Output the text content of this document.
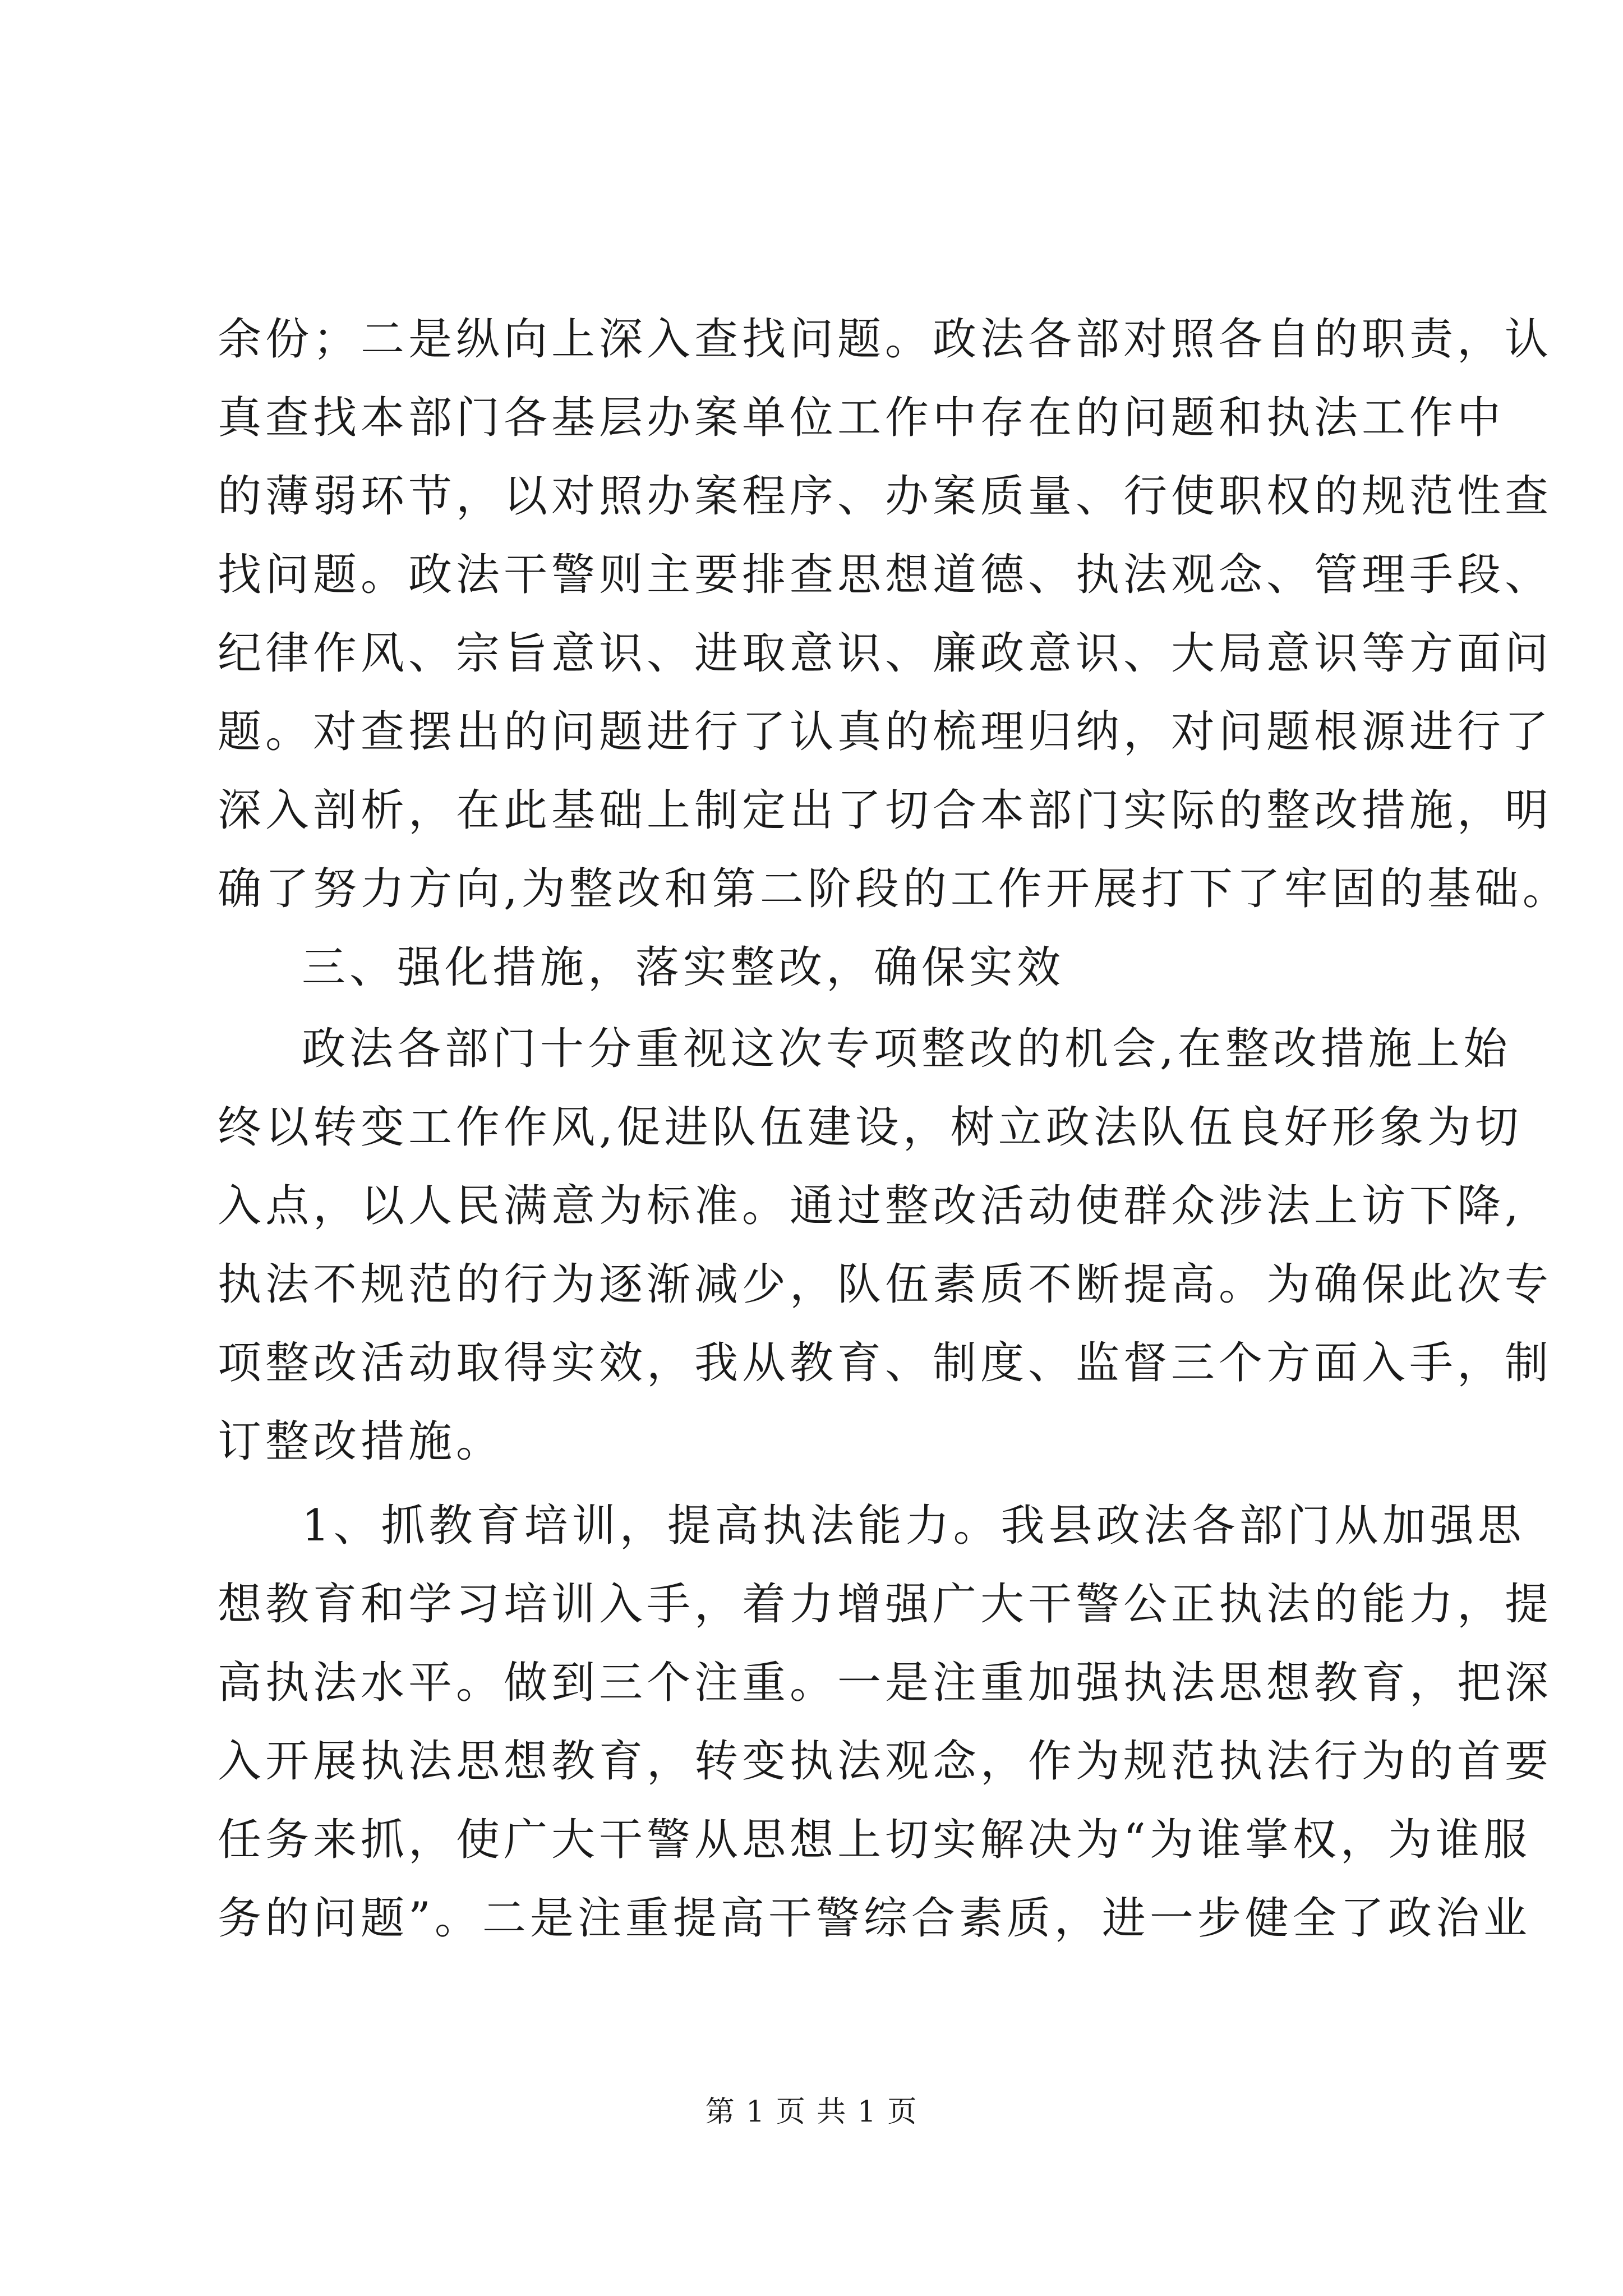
余份；二是纵向上深入查找问题。政法各部对照各自的职责，认
真查找本部门各基层办案单位工作中存在的问题和执法工作中
的薄弱环节，以对照办案程序、办案质量、行使职权的规范性查
找问题。政法干警则主要排查思想道德、执法观念、管理手段、
纪律作风、宗旨意识、进取意识、廉政意识、大局意识等方面问
题。对查摆出的问题进行了认真的梳理归纳，对问题根源进行了
深入剖析，在此基础上制定出了切合本部门实际的整改措施，明
确了努力方向,为整改和第二阶段的工作开展打下了牢固的基础。
三、强化措施，落实整改，确保实效
政法各部门十分重视这次专项整改的机会,在整改措施上始
终以转变工作作风,促进队伍建设，树立政法队伍良好形象为切
入点，以人民满意为标准。通过整改活动使群众涉法上访下降,
执法不规范的行为逐渐减少，队伍素质不断提高。为确保此次专
项整改活动取得实效，我从教育、制度、监督三个方面入手，制
订整改措施。
1、抓教育培训，提高执法能力。我县政法各部门从加强思
想教育和学习培训入手，着力增强广大干警公正执法的能力，提
高执法水平。做到三个注重。一是注重加强执法思想教育，把深
入开展执法思想教育，转变执法观念，作为规范执法行为的首要
任务来抓，使广大干警从思想上切实解决为“为谁掌权，为谁服
务的问题”。二是注重提高干警综合素质，进一步健全了政治业
第 1 页 共 1 页
